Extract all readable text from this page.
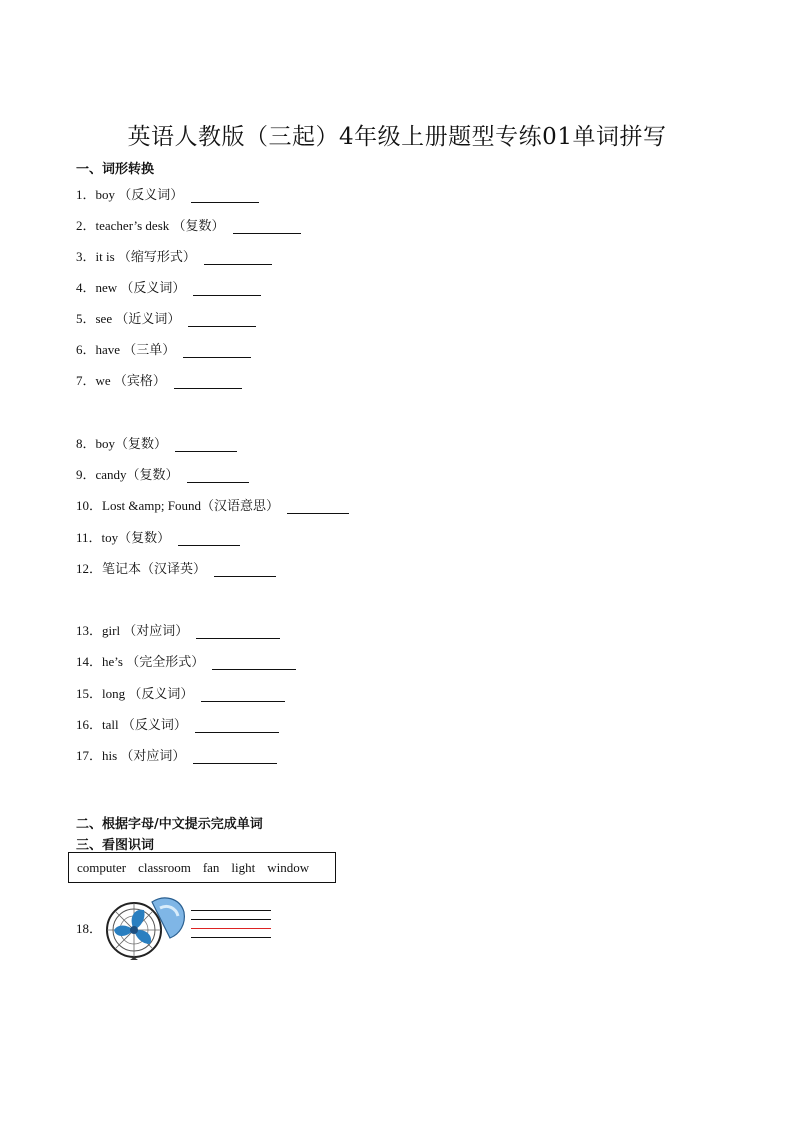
英语人教版（三起）4年级上册题型专练01单词拼写
一、词形转换
1．boy （反义词）
2．teacher’s desk （复数）
3．it is （缩写形式）
4．new （反义词）
5．see （近义词）
6．have （三单）
7．we （宾格）
8．boy（复数）
9．candy（复数）
10．Lost &amp; Found（汉语意思）
11．toy（复数）
12．笔记本（汉译英）
13．girl （对应词）
14．he’s （完全形式）
15．long （反义词）
16．tall （反义词）
17．his （对应词）
二、根据字母/中文提示完成单词
三、看图识词
computer classroom fan light window
18．
